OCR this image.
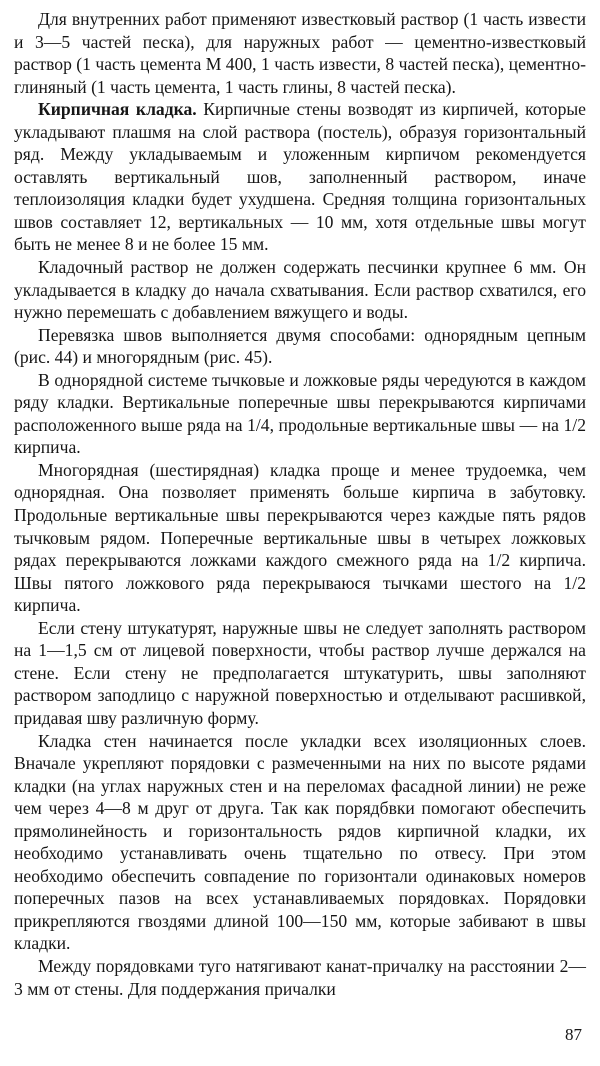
Для внутренних работ применяют известковый раствор (1 часть извести и 3—5 частей песка), для наружных работ — цементно-известковый раствор (1 часть цемента М 400, 1 часть извести, 8 частей песка), цементно-глиняный (1 часть цемента, 1 часть глины, 8 частей песка).

Кирпичная кладка. Кирпичные стены возводят из кирпичей, которые укладывают плашмя на слой раствора (постель), образуя горизонтальный ряд. Между укладываемым и уложенным кирпичом рекомендуется оставлять вертикальный шов, заполненный раствором, иначе теплоизоляция кладки будет ухудшена. Средняя толщина горизонтальных швов составляет 12, вертикальных — 10 мм, хотя отдельные швы могут быть не менее 8 и не более 15 мм.

Кладочный раствор не должен содержать песчинки крупнее 6 мм. Он укладывается в кладку до начала схватывания. Если раствор схватился, его нужно перемешать с добавлением вяжущего и воды.

Перевязка швов выполняется двумя способами: однорядным цепным (рис. 44) и многорядным (рис. 45).

В однорядной системе тычковые и ложковые ряды чередуются в каждом ряду кладки. Вертикальные поперечные швы перекрываются кирпичами расположенного выше ряда на 1/4, продольные вертикальные швы — на 1/2 кирпича.

Многорядная (шестирядная) кладка проще и менее трудоемка, чем однорядная. Она позволяет применять больше кирпича в забутовку. Продольные вертикальные швы перекрываются через каждые пять рядов тычковым рядом. Поперечные вертикальные швы в четырех ложковых рядах перекрываются ложками каждого смежного ряда на 1/2 кирпича. Швы пятого ложкового ряда перекрываюся тычками шестого на 1/2 кирпича.

Если стену штукатурят, наружные швы не следует заполнять раствором на 1—1,5 см от лицевой поверхности, чтобы раствор лучше держался на стене. Если стену не предполагается штукатурить, швы заполняют раствором заподлицо с наружной поверхностью и отделывают расшивкой, придавая шву различную форму.

Кладка стен начинается после укладки всех изоляционных слоев. Вначале укрепляют порядовки с размеченными на них по высоте рядами кладки (на углах наружных стен и на переломах фасадной линии) не реже чем через 4—8 м друг от друга. Так как порядбвки помогают обеспечить прямолинейность и горизонтальность рядов кирпичной кладки, их необходимо устанавливать очень тщательно по отвесу. При этом необходимо обеспечить совпадение по горизонтали одинаковых номеров поперечных пазов на всех устанавливаемых порядовках. Порядовки прикрепляются гвоздями длиной 100—150 мм, которые забивают в швы кладки.

Между порядовками туго натягивают канат-причалку на расстоянии 2—3 мм от стены. Для поддержания причалки

87
